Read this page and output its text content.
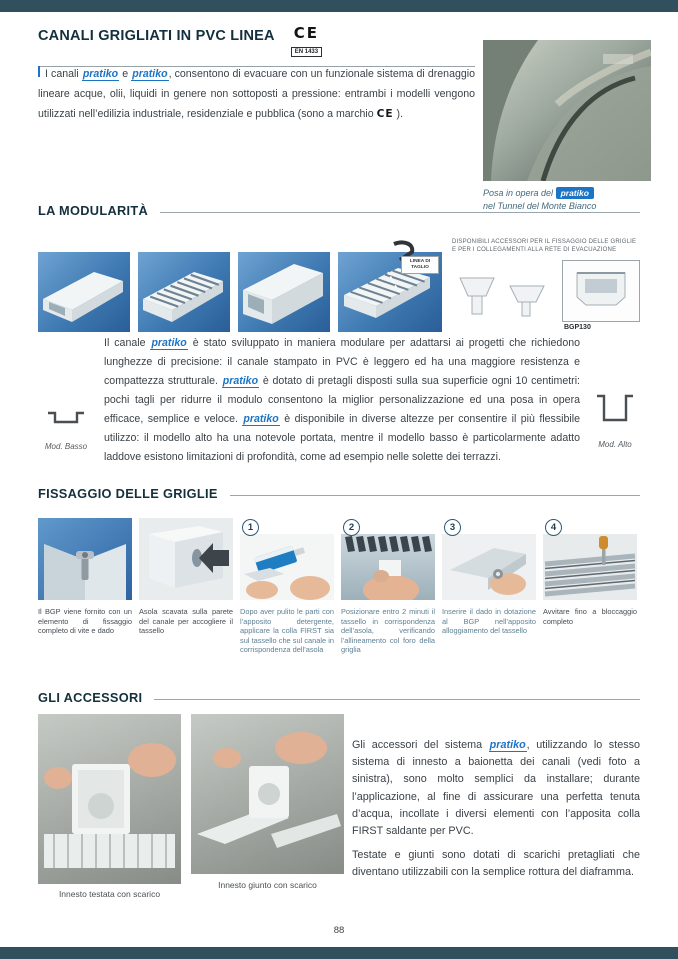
CANALI GRIGLIATI IN PVC LINEA CE
EN 1433
I canali pratiko e pratiko, consentono di evacuare con un funzionale sistema di drenaggio lineare acque, olii, liquidi in genere non sottoposti a pressione: entrambi i modelli vengono utilizzati nell’edilizia industriale, residenziale e pubblica (sono a marchio CE ).
Posa in opera del pratiko
nel Tunnel del Monte Bianco
LA MODULARITÀ
LINEA DI TAGLIO
DISPONIBILI ACCESSORI PER IL FISSAGGIO DELLE GRIGLIE E PER I COLLEGAMENTI ALLA RETE DI EVACUAZIONE
BGP130
Mod. Basso	Mod. Alto
Il canale pratiko è stato sviluppato in maniera modulare per adattarsi ai progetti che richiedono lunghezze di precisione: il canale stampato in PVC è leggero ed ha una maggiore resistenza e compattezza strutturale. pratiko è dotato di pretagli disposti sulla sua superficie ogni 10 centimetri: pochi tagli per ridurre il modulo consentono la miglior personalizzazione ed una posa in opera efficace, semplice e veloce. pratiko è disponibile in diverse altezze per consentire il più flessibile utilizzo: il modello alto ha una notevole portata, mentre il modello basso è particolarmente adatto laddove esistono limitazioni di profondità, come ad esempio nelle solette dei terrazzi.
FISSAGGIO DELLE GRIGLIE
Il BGP viene fornito con un elemento di fissaggio completo di vite e dado
Asola scavata sulla parete del canale per accogliere il tassello
1
Dopo aver pulito le parti con l’apposito detergente, applicare la colla FIRST sia sul tassello che sul canale in corrispondenza dell’asola
2
Posizionare entro 2 minuti il tassello in corrispondenza dell’asola, verificando l’allineamento col foro della griglia
3
Inserire il dado in dotazione al BGP nell’apposito alloggiamento del tassello
4
Avvitare fino a bloccaggio completo
GLI ACCESSORI
Innesto testata con scarico
Innesto giunto con scarico
Gli accessori del sistema pratiko, utilizzando lo stesso sistema di innesto a baionetta dei canali (vedi foto a sinistra), sono molto semplici da installare; durante l’applicazione, al fine di assicurare una perfetta tenuta d’acqua, incollate i diversi elementi con l’apposita colla FIRST saldante per PVC.
Testate e giunti sono dotati di scarichi pretagliati che diventano utilizzabili con la semplice rottura del diaframma.
88
